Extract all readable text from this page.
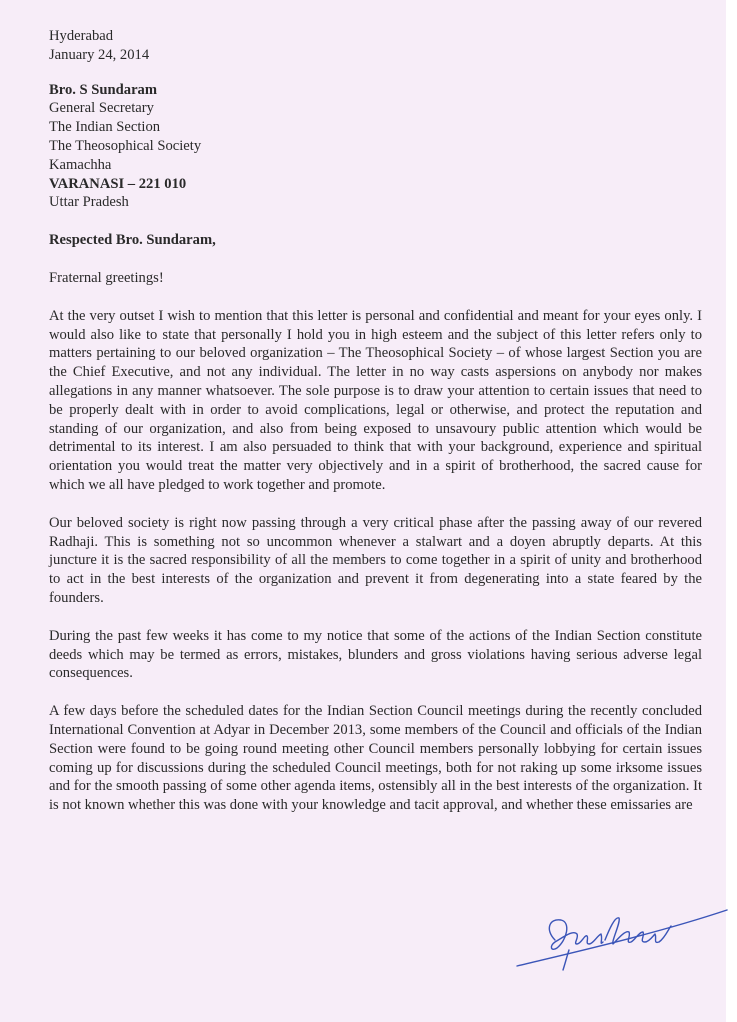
Hyderabad
January 24, 2014
Bro. S Sundaram
General Secretary
The Indian Section
The Theosophical Society
Kamachha
VARANASI – 221 010
Uttar Pradesh
Respected Bro. Sundaram,
Fraternal greetings!

At the very outset I wish to mention that this letter is personal and confidential and meant for your eyes only. I would also like to state that personally I hold you in high esteem and the subject of this letter refers only to matters pertaining to our beloved organization – The Theosophical Society – of whose largest Section you are the Chief Executive, and not any individual. The letter in no way casts aspersions on anybody nor makes allegations in any manner whatsoever. The sole purpose is to draw your attention to certain issues that need to be properly dealt with in order to avoid complications, legal or otherwise, and protect the reputation and standing of our organization, and also from being exposed to unsavoury public attention which would be detrimental to its interest. I am also persuaded to think that with your background, experience and spiritual orientation you would treat the matter very objectively and in a spirit of brotherhood, the sacred cause for which we all have pledged to work together and promote.

Our beloved society is right now passing through a very critical phase after the passing away of our revered Radhaji. This is something not so uncommon whenever a stalwart and a doyen abruptly departs. At this juncture it is the sacred responsibility of all the members to come together in a spirit of unity and brotherhood to act in the best interests of the organization and prevent it from degenerating into a state feared by the founders.

During the past few weeks it has come to my notice that some of the actions of the Indian Section constitute deeds which may be termed as errors, mistakes, blunders and gross violations having serious adverse legal consequences.

A few days before the scheduled dates for the Indian Section Council meetings during the recently concluded International Convention at Adyar in December 2013, some members of the Council and officials of the Indian Section were found to be going round meeting other Council members personally lobbying for certain issues coming up for discussions during the scheduled Council meetings, both for not raking up some irksome issues and for the smooth passing of some other agenda items, ostensibly all in the best interests of the organization. It is not known whether this was done with your knowledge and tacit approval, and whether these emissaries are
